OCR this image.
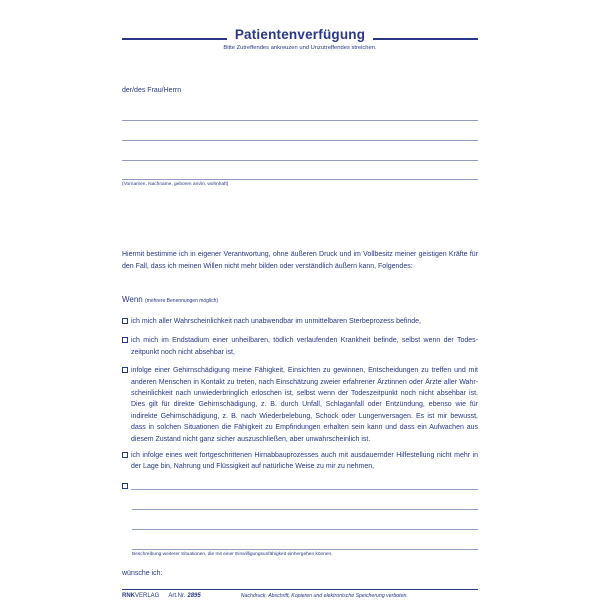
Patientenverfügung
Bitte Zutreffendes ankreuzen und Unzutreffendes streichen.
der/des Frau/Herrn
(Vornamen, Nachname, geboren am/in, wohnhaft)
Hiermit bestimme ich in eigener Verantwortung, ohne äußeren Druck und im Vollbesitz meiner geistigen Kräfte für den Fall, dass ich meinen Willen nicht mehr bilden oder verständlich äußern kann, Folgendes:
Wenn (mehrere Benennungen möglich)
ich mich aller Wahrscheinlichkeit nach unabwendbar im unmittelbaren Sterbeprozess befinde,
ich mich im Endstadium einer unheilbaren, tödlich verlaufenden Krankheit befinde, selbst wenn der Todeszeitpunkt noch nicht absehbar ist,
infolge einer Gehirnschädigung meine Fähigkeit, Einsichten zu gewinnen, Entscheidungen zu treffen und mit anderen Menschen in Kontakt zu treten, nach Einschätzung zweier erfahrener Ärztinnen oder Ärzte aller Wahrscheinlichkeit nach unwiederbringlich erloschen ist, selbst wenn der Todeszeitpunkt noch nicht absehbar ist. Dies gilt für direkte Gehirnschädigung, z. B. durch Unfall, Schlaganfall oder Entzündung, ebenso wie für indirekte Gehirnschädigung, z. B. nach Wiederbelebung, Schock oder Lungenversagen. Es ist mir bewusst, dass in solchen Situationen die Fähigkeit zu Empfindungen erhalten sein kann und dass ein Aufwachen aus diesem Zustand nicht ganz sicher auszuschließen, aber unwahrscheinlich ist.
ich infolge eines weit fortgeschrittenen Hirnabbauprozesses auch mit ausdauernder Hilfestellung nicht mehr in der Lage bin, Nahrung und Flüssigkeit auf natürliche Weise zu mir zu nehmen,
Beschreibung weiterer Situationen, die mit einer Einwilligungsunfähigkeit einhergehen können.
wünsche ich:
RNKVERLAG Art.Nr. 2895	Nachdruck, Abschrift, Kopieren und elektronische Speicherung verboten.
